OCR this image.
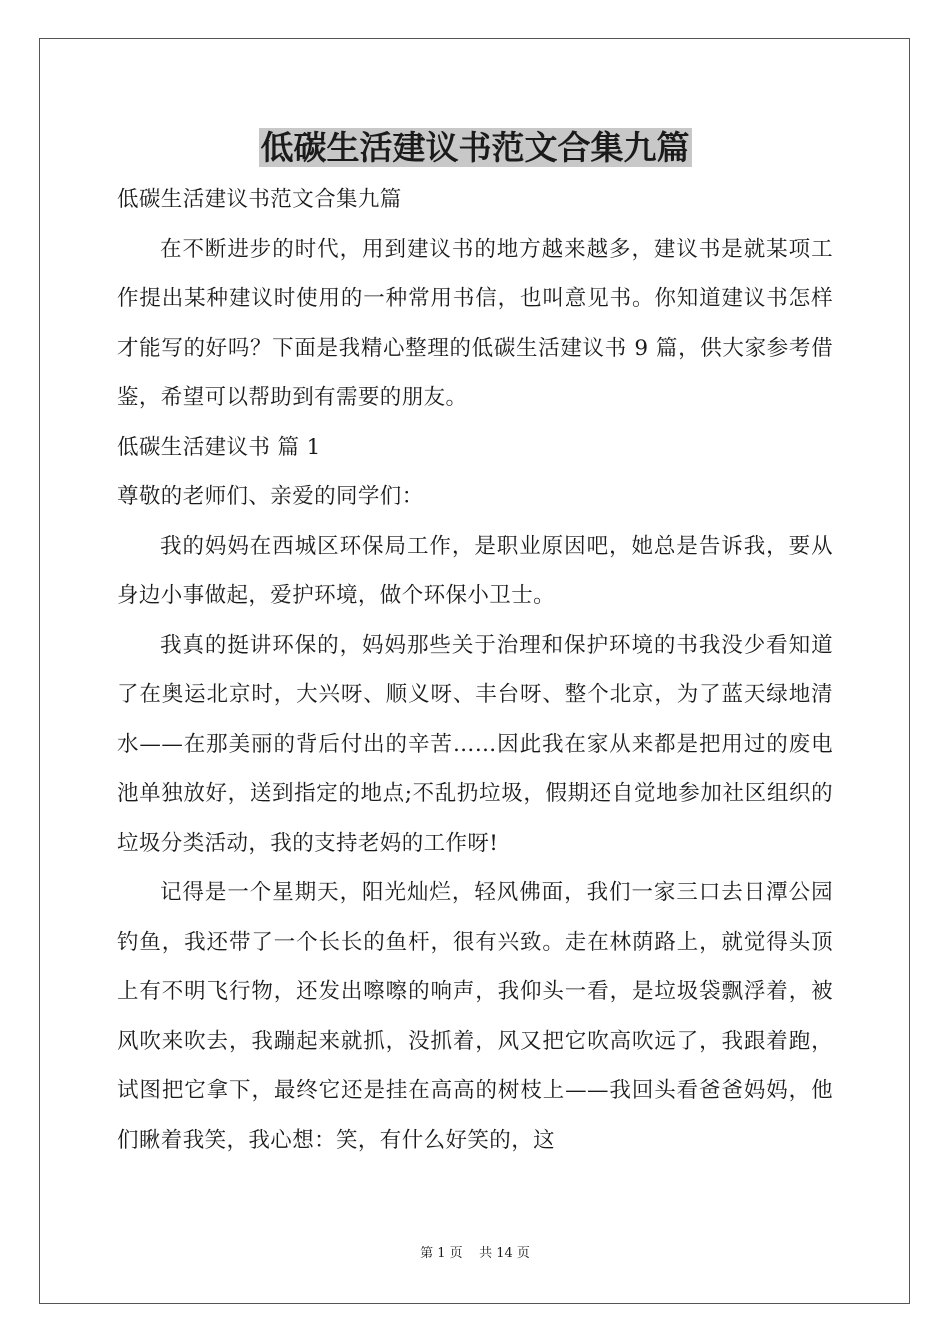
低碳生活建议书范文合集九篇

低碳生活建议书范文合集九篇

在不断进步的时代，用到建议书的地方越来越多，建议书是就某项工作提出某种建议时使用的一种常用书信，也叫意见书。你知道建议书怎样才能写的好吗？下面是我精心整理的低碳生活建议书 9 篇，供大家参考借鉴，希望可以帮助到有需要的朋友。

低碳生活建议书 篇 1

尊敬的老师们、亲爱的同学们：

我的妈妈在西城区环保局工作，是职业原因吧，她总是告诉我，要从身边小事做起，爱护环境，做个环保小卫士。

我真的挺讲环保的，妈妈那些关于治理和保护环境的书我没少看知道了在奥运北京时，大兴呀、顺义呀、丰台呀、整个北京，为了蓝天绿地清水——在那美丽的背后付出的辛苦……因此我在家从来都是把用过的废电池单独放好，送到指定的地点;不乱扔垃圾，假期还自觉地参加社区组织的垃圾分类活动，我的支持老妈的工作呀!

记得是一个星期天，阳光灿烂，轻风佛面，我们一家三口去日潭公园钓鱼，我还带了一个长长的鱼杆，很有兴致。走在林荫路上，就觉得头顶上有不明飞行物，还发出嚓嚓的响声，我仰头一看，是垃圾袋飘浮着，被风吹来吹去，我蹦起来就抓，没抓着，风又把它吹高吹远了，我跟着跑，试图把它拿下，最终它还是挂在高高的树枝上——我回头看爸爸妈妈，他们瞅着我笑，我心想：笑，有什么好笑的，这

第 1 页    共 14 页
